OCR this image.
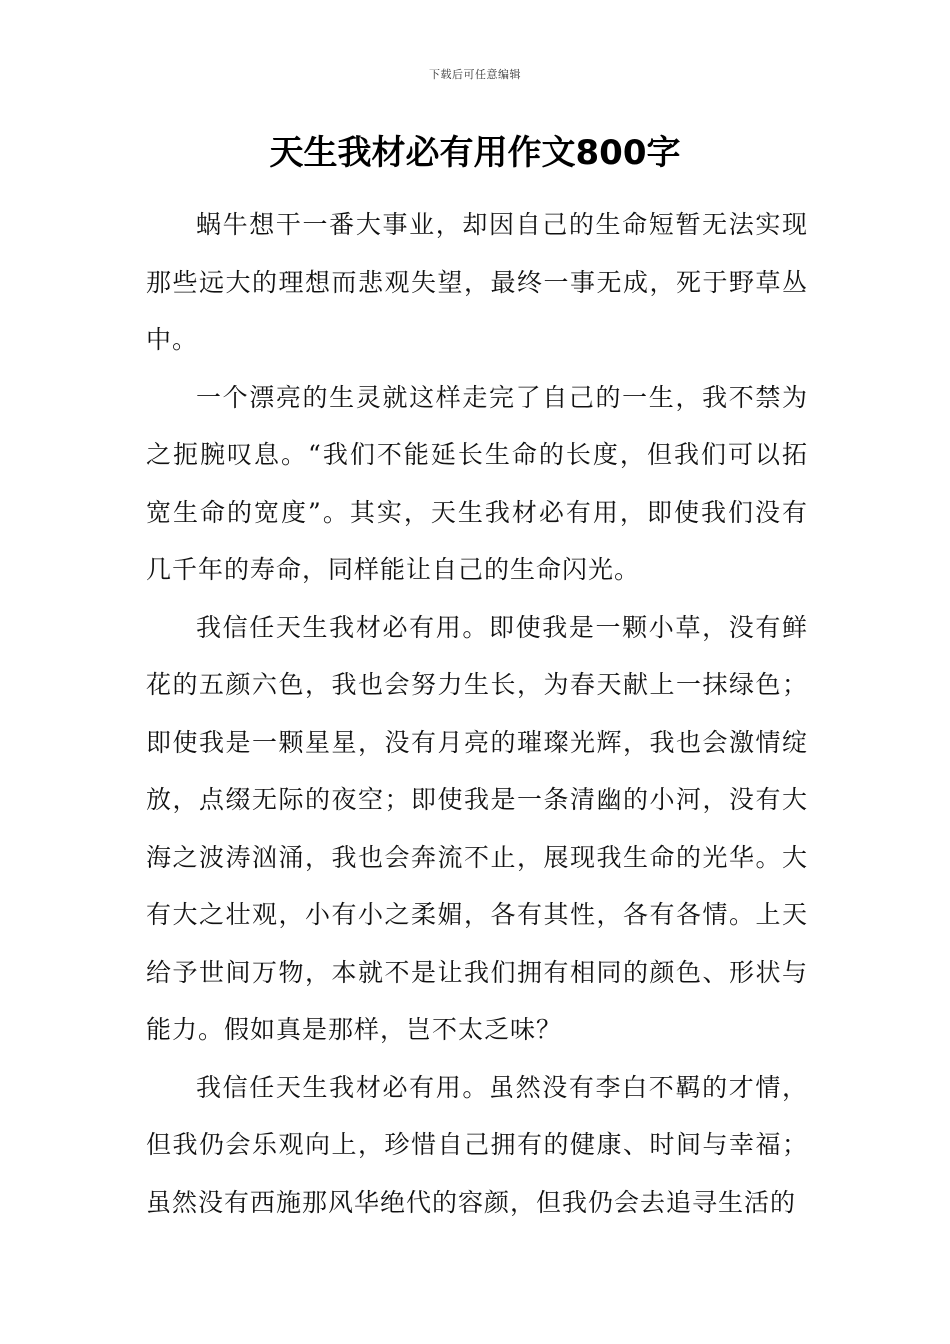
下载后可任意编辑
天生我材必有用作文800字

蜗牛想干一番大事业，却因自己的生命短暂无法实现那些远大的理想而悲观失望，最终一事无成，死于野草丛中。

一个漂亮的生灵就这样走完了自己的一生，我不禁为之扼腕叹息。“我们不能延长生命的长度，但我们可以拓宽生命的宽度”。其实，天生我材必有用，即使我们没有几千年的寿命，同样能让自己的生命闪光。

我信任天生我材必有用。即使我是一颗小草，没有鲜花的五颜六色，我也会努力生长，为春天献上一抹绿色；即使我是一颗星星，没有月亮的璀璨光辉，我也会激情绽放，点缀无际的夜空；即使我是一条清幽的小河，没有大海之波涛汹涌，我也会奔流不止，展现我生命的光华。大有大之壮观，小有小之柔媚，各有其性，各有各情。上天给予世间万物，本就不是让我们拥有相同的颜色、形状与能力。假如真是那样，岂不太乏味？

我信任天生我材必有用。虽然没有李白不羁的才情，但我仍会乐观向上，珍惜自己拥有的健康、时间与幸福；虽然没有西施那风华绝代的容颜，但我仍会去追寻生活的
